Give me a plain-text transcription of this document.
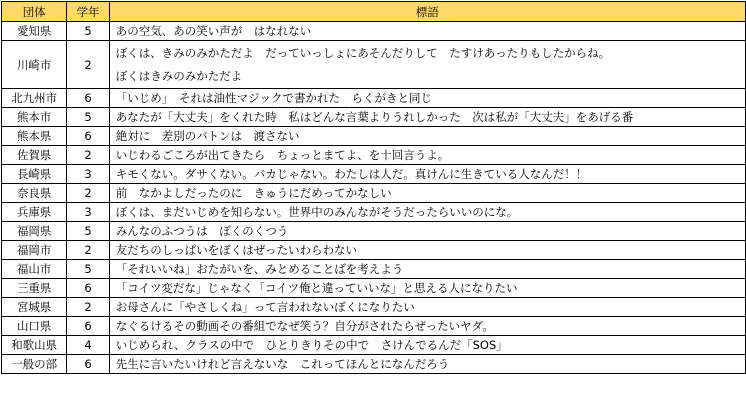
団体	学年	標語
愛知県	5	あの空気、あの笑い声が　はなれない
川崎市	2	ぼくは、きみのみかただよ　だっていっしょにあそんだりして　たすけあったりもしたからね。
ぼくはきみのみかただよ

北九州市	6	「いじめ」　それは油性マジックで書かれた　らくがきと同じ
熊本市	5	あなたが「大丈夫」をくれた時　私はどんな言葉よりうれしかった　次は私が「大丈夫」をあげる番
熊本県	6	絶対に　差別のバトンは　渡さない
佐賀県	2	いじわるごころが出てきたら　ちょっとまてよ、を十回言うよ。
長崎県	3	キモくない。ダサくない。バカじゃない。わたしは人だ。真けんに生きている人なんだ！！
奈良県	2	前　なかよしだったのに　きゅうにだめってかなしい
兵庫県	3	ぼくは、まだいじめを知らない。世界中のみんながそうだったらいいのにな。
福岡県	5	みんなのふつうは　ぼくのくつう
福岡市	2	友だちのしっぱいをぼくはぜったいわらわない
福山市	5	「それいいね」おたがいを、みとめることばを考えよう
三重県	6	「コイツ変だな」じゃなく「コイツ俺と違っていいな」と思える人になりたい
宮城県	2	お母さんに「やさしくね」って言われないぼくになりたい
山口県	6	なぐるけるその動画その番組でなぜ笑う？自分がされたらぜったいヤダ。
和歌山県	4	いじめられ、クラスの中で　ひとりきりその中で　さけんでるんだ「SOS」
一般の部	6	先生に言いたいけれど言えないな　これってほんとになんだろう
